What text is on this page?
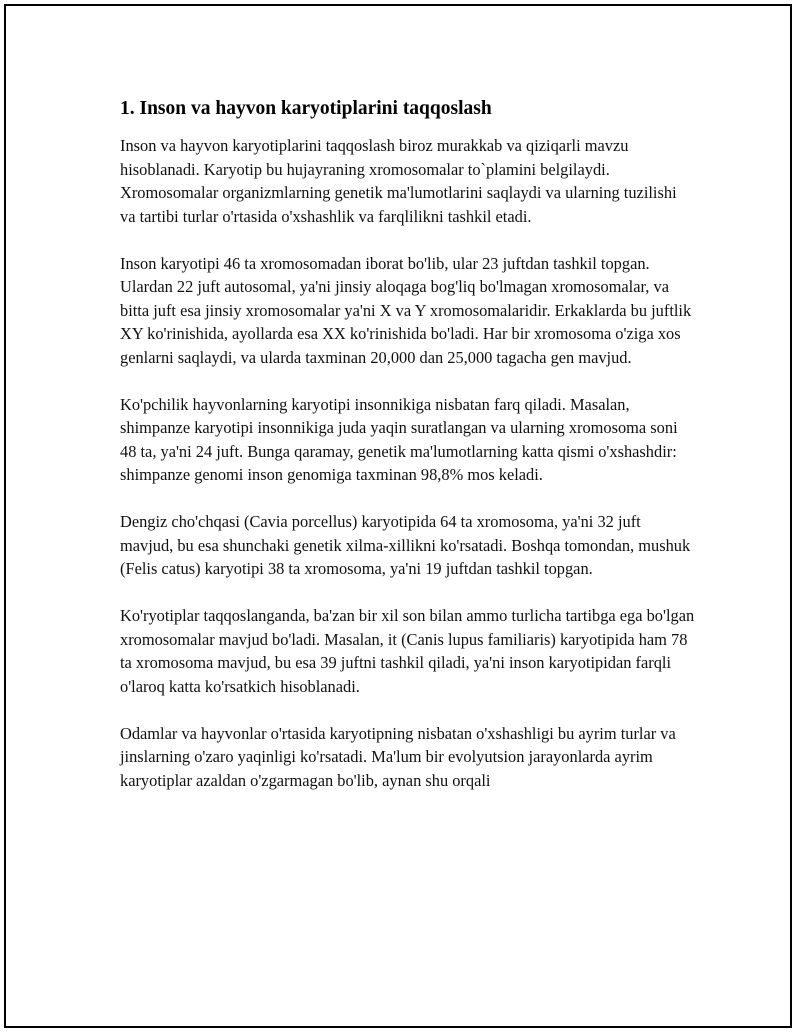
1. Inson va hayvon karyotiplarini taqqoslash

Inson va hayvon karyotiplarini taqqoslash biroz murakkab va qiziqarli mavzu hisoblanadi. Karyotip bu hujayraning xromosomalar to`plamini belgilaydi. Xromosomalar organizmlarning genetik ma'lumotlarini saqlaydi va ularning tuzilishi va tartibi turlar o'rtasida o'xshashlik va farqlilikni tashkil etadi.

Inson karyotipi 46 ta xromosomadan iborat bo'lib, ular 23 juftdan tashkil topgan. Ulardan 22 juft autosomal, ya'ni jinsiy aloqaga bog'liq bo'lmagan xromosomalar, va bitta juft esa jinsiy xromosomalar ya'ni X va Y xromosomalaridir. Erkaklarda bu juftlik XY ko'rinishida, ayollarda esa XX ko'rinishida bo'ladi. Har bir xromosoma o'ziga xos genlarni saqlaydi, va ularda taxminan 20,000 dan 25,000 tagacha gen mavjud.

Ko'pchilik hayvonlarning karyotipi insonnikiga nisbatan farq qiladi. Masalan, shimpanze karyotipi insonnikiga juda yaqin suratlangan va ularning xromosoma soni 48 ta, ya'ni 24 juft. Bunga qaramay, genetik ma'lumotlarning katta qismi o'xshashdir: shimpanze genomi inson genomiga taxminan 98,8% mos keladi.

Dengiz cho'chqasi (Cavia porcellus) karyotipida 64 ta xromosoma, ya'ni 32 juft mavjud, bu esa shunchaki genetik xilma-xillikni ko'rsatadi. Boshqa tomondan, mushuk (Felis catus) karyotipi 38 ta xromosoma, ya'ni 19 juftdan tashkil topgan.

Ko'ryotiplar taqqoslanganda, ba'zan bir xil son bilan ammo turlicha tartibga ega bo'lgan xromosomalar mavjud bo'ladi. Masalan, it (Canis lupus familiaris) karyotipida ham 78 ta xromosoma mavjud, bu esa 39 juftni tashkil qiladi, ya'ni inson karyotipidan farqli o'laroq katta ko'rsatkich hisoblanadi.

Odamlar va hayvonlar o'rtasida karyotipning nisbatan o'xshashligi bu ayrim turlar va jinslarning o'zaro yaqinligi ko'rsatadi. Ma'lum bir evolyutsion jarayonlarda ayrim karyotiplar azaldan o'zgarmagan bo'lib, aynan shu orqali
